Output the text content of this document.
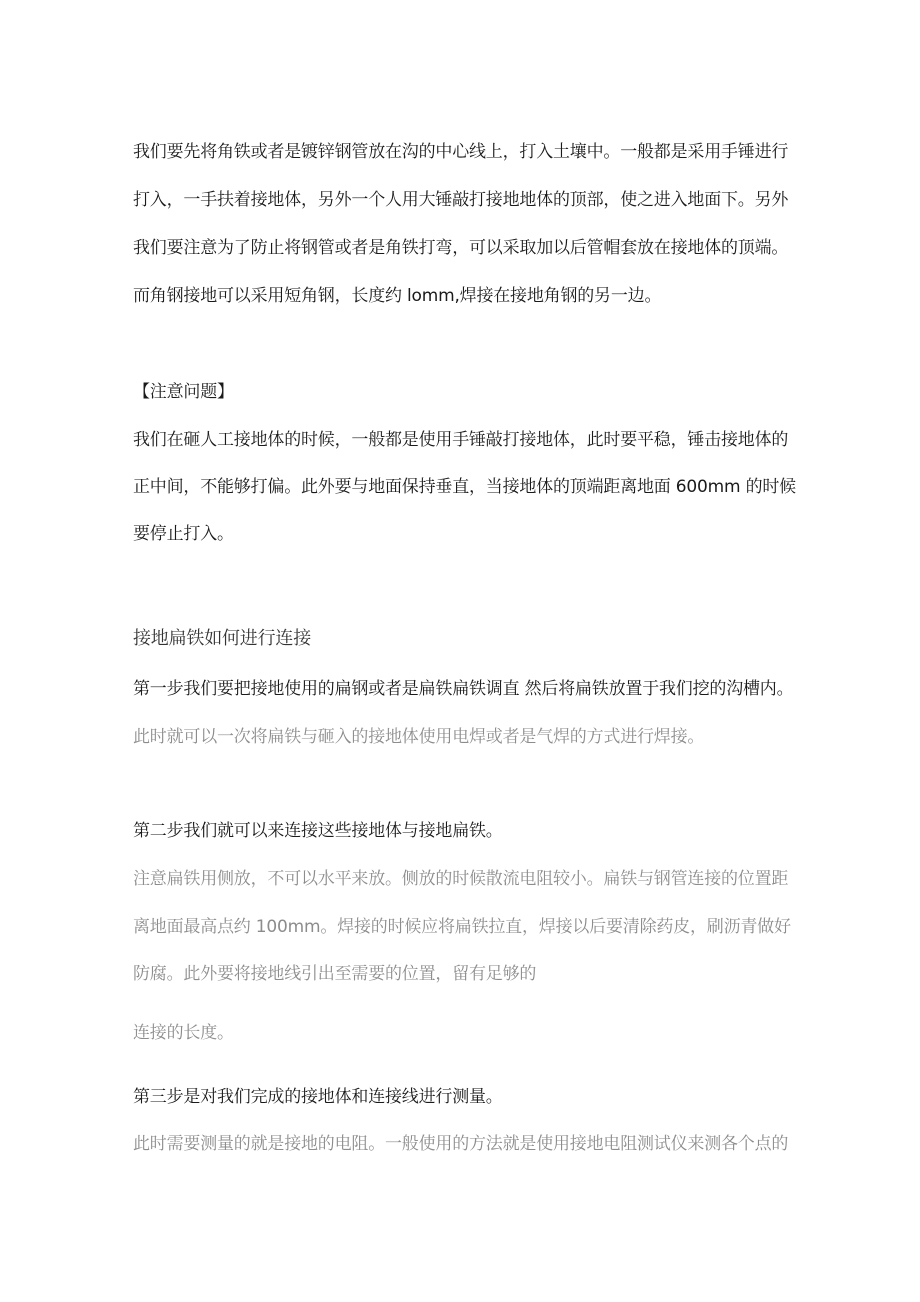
我们要先将角铁或者是镀锌钢管放在沟的中心线上，打入土壤中。一般都是采用手锤进行

打入，一手扶着接地体，另外一个人用大锤敲打接地地体的顶部，使之进入地面下。另外

我们要注意为了防止将钢管或者是角铁打弯，可以采取加以后管帽套放在接地体的顶端。

而角钢接地可以采用短角钢，长度约 lomm,焊接在接地角钢的另一边。

【注意问题】

我们在砸人工接地体的时候，一般都是使用手锤敲打接地体，此时要平稳，锤击接地体的

正中间，不能够打偏。此外要与地面保持垂直，当接地体的顶端距离地面 600mm 的时候

要停止打入。

接地扁铁如何进行连接

第一步我们要把接地使用的扁钢或者是扁铁扁铁调直 然后将扁铁放置于我们挖的沟槽内。

此时就可以一次将扁铁与砸入的接地体使用电焊或者是气焊的方式进行焊接。

第二步我们就可以来连接这些接地体与接地扁铁。

注意扁铁用侧放，不可以水平来放。侧放的时候散流电阻较小。扁铁与钢管连接的位置距

离地面最高点约 100mm。焊接的时候应将扁铁拉直，焊接以后要清除药皮，刷沥青做好

防腐。此外要将接地线引出至需要的位置，留有足够的

连接的长度。

第三步是对我们完成的接地体和连接线进行测量。

此时需要测量的就是接地的电阻。一般使用的方法就是使用接地电阻测试仪来测各个点的
